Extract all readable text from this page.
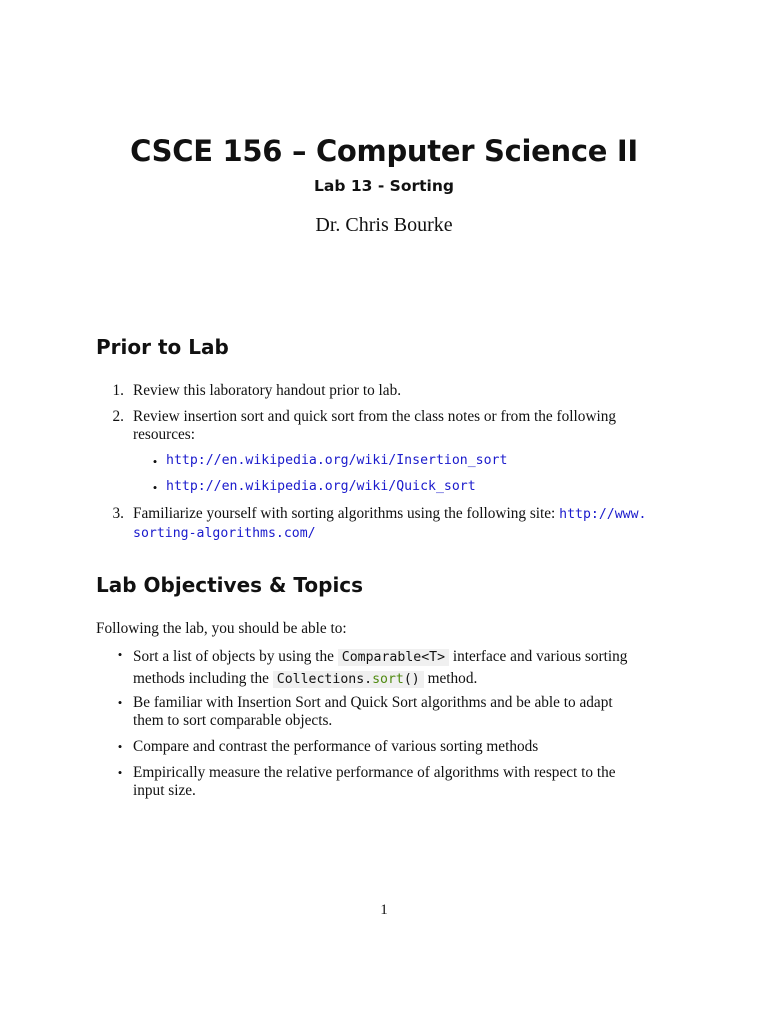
CSCE 156 – Computer Science II
Lab 13 - Sorting
Dr. Chris Bourke
Prior to Lab
1. Review this laboratory handout prior to lab.
2. Review insertion sort and quick sort from the class notes or from the following
resources:
• http://en.wikipedia.org/wiki/Insertion_sort
• http://en.wikipedia.org/wiki/Quick_sort
3. Familiarize yourself with sorting algorithms using the following site: http://www.
sorting-algorithms.com/
Lab Objectives & Topics
Following the lab, you should be able to:
• Sort a list of objects by using the Comparable<T> interface and various sorting
methods including the Collections.sort() method.
• Be familiar with Insertion Sort and Quick Sort algorithms and be able to adapt
them to sort comparable objects.
• Compare and contrast the performance of various sorting methods
• Empirically measure the relative performance of algorithms with respect to the
input size.
1
